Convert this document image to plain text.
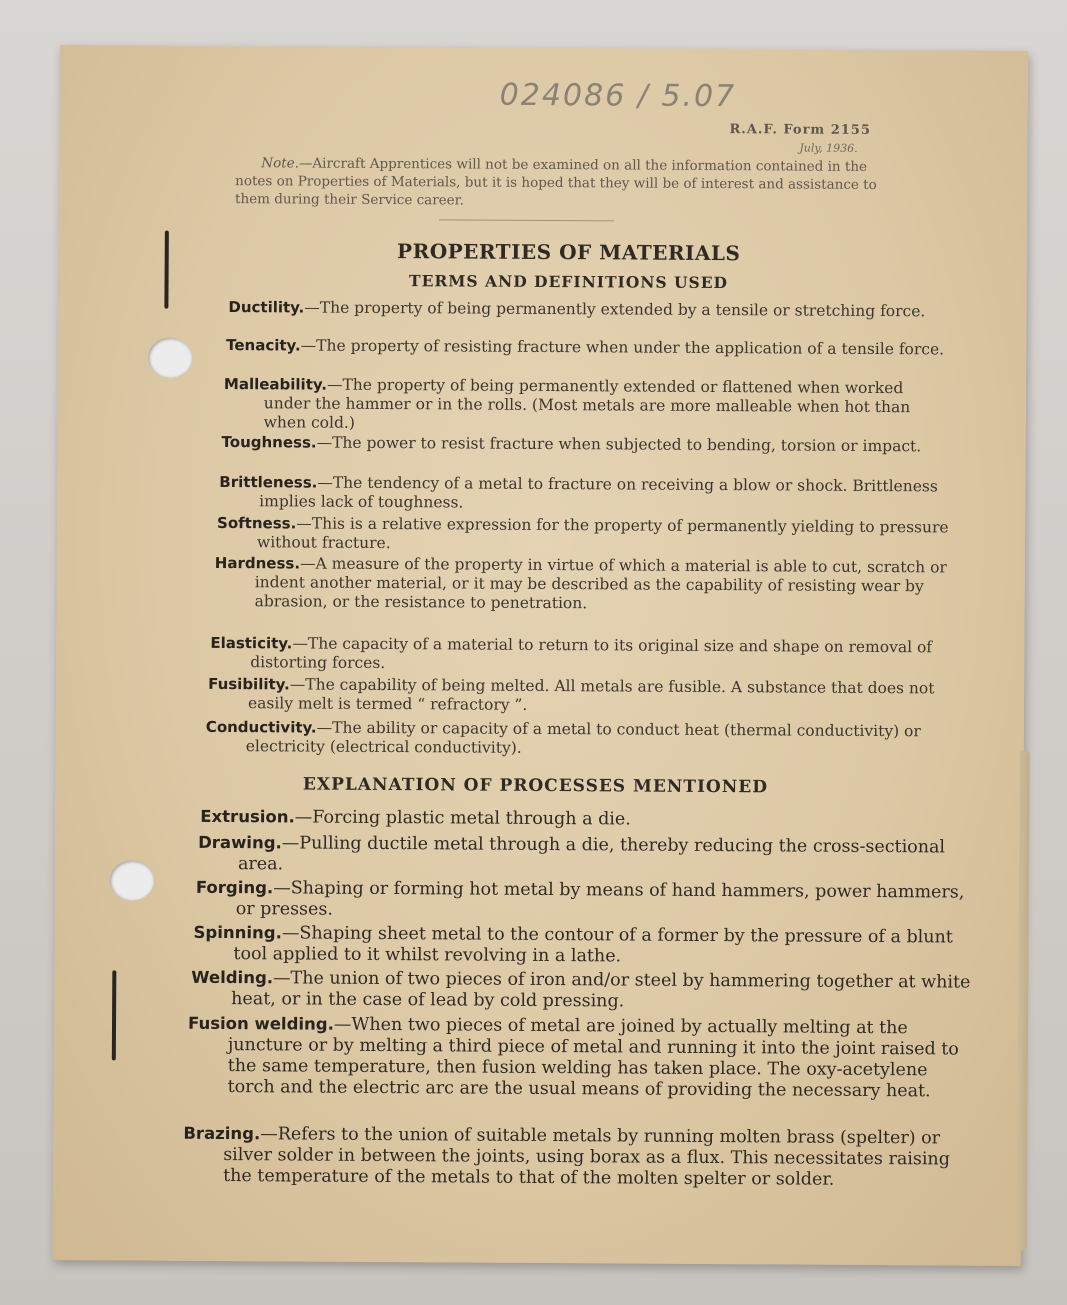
024086 / 5.07
R.A.F. Form 2155
July, 1936.
Note.—Aircraft Apprentices will not be examined on all the information contained in the notes on Properties of Materials, but it is hoped that they will be of interest and assistance to them during their Service career.
PROPERTIES OF MATERIALS
TERMS AND DEFINITIONS USED
Ductility.—The property of being permanently extended by a tensile or stretching force.
Tenacity.—The property of resisting fracture when under the application of a tensile force.
Malleability.—The property of being permanently extended or flattened when worked under the hammer or in the rolls. (Most metals are more malleable when hot than when cold.)
Toughness.—The power to resist fracture when subjected to bending, torsion or impact.
Brittleness.—The tendency of a metal to fracture on receiving a blow or shock. Brittleness implies lack of toughness.
Softness.—This is a relative expression for the property of permanently yielding to pressure without fracture.
Hardness.—A measure of the property in virtue of which a material is able to cut, scratch or indent another material, or it may be described as the capability of resisting wear by abrasion, or the resistance to penetration.
Elasticity.—The capacity of a material to return to its original size and shape on removal of distorting forces.
Fusibility.—The capability of being melted. All metals are fusible. A substance that does not easily melt is termed “ refractory ”.
Conductivity.—The ability or capacity of a metal to conduct heat (thermal conductivity) or electricity (electrical conductivity).
EXPLANATION OF PROCESSES MENTIONED
Extrusion.—Forcing plastic metal through a die.
Drawing.—Pulling ductile metal through a die, thereby reducing the cross-sectional area.
Forging.—Shaping or forming hot metal by means of hand hammers, power hammers, or presses.
Spinning.—Shaping sheet metal to the contour of a former by the pressure of a blunt tool applied to it whilst revolving in a lathe.
Welding.—The union of two pieces of iron and/or steel by hammering together at white heat, or in the case of lead by cold pressing.
Fusion welding.—When two pieces of metal are joined by actually melting at the juncture or by melting a third piece of metal and running it into the joint raised to the same temperature, then fusion welding has taken place. The oxy-acetylene torch and the electric arc are the usual means of providing the necessary heat.
Brazing.—Refers to the union of suitable metals by running molten brass (spelter) or silver solder in between the joints, using borax as a flux. This necessitates raising the temperature of the metals to that of the molten spelter or solder.
